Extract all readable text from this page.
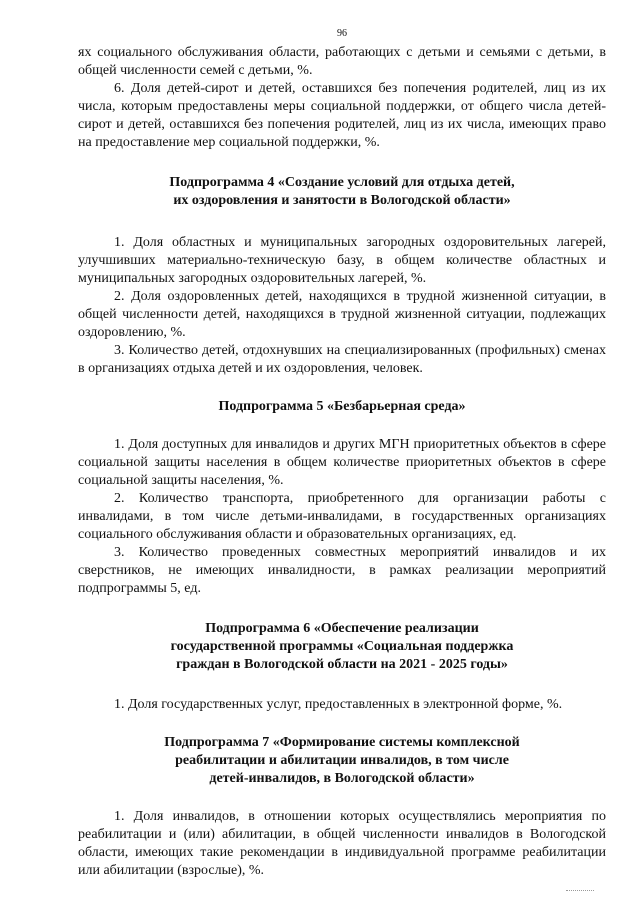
96

ях социального обслуживания области, работающих с детьми и семьями с детьми, в общей численности семей с детьми, %.

6. Доля детей-сирот и детей, оставшихся без попечения родителей, лиц из их числа, которым предоставлены меры социальной поддержки, от общего числа детей-сирот и детей, оставшихся без попечения родителей, лиц из их числа, имеющих право на предоставление мер социальной поддержки, %.

Подпрограмма 4 «Создание условий для отдыха детей,

их оздоровления и занятости в Вологодской области»

1. Доля областных и муниципальных загородных оздоровительных лагерей, улучшивших материально-техническую базу, в общем количестве областных и муниципальных загородных оздоровительных лагерей, %.

2. Доля оздоровленных детей, находящихся в трудной жизненной ситуации, в общей численности детей, находящихся в трудной жизненной ситуации, подлежащих оздоровлению, %.

3. Количество детей, отдохнувших на специализированных (профильных) сменах в организациях отдыха детей и их оздоровления, человек.

Подпрограмма 5 «Безбарьерная среда»

1. Доля доступных для инвалидов и других МГН приоритетных объектов в сфере социальной защиты населения в общем количестве приоритетных объектов в сфере социальной защиты населения, %.

2. Количество транспорта, приобретенного для организации работы с инвалидами, в том числе детьми-инвалидами, в государственных организациях социального обслуживания области и образовательных организациях, ед.

3. Количество проведенных совместных мероприятий инвалидов и их сверстников, не имеющих инвалидности, в рамках реализации мероприятий подпрограммы 5, ед.

Подпрограмма 6 «Обеспечение реализации

государственной программы «Социальная поддержка

граждан в Вологодской области на 2021 - 2025 годы»

1. Доля государственных услуг, предоставленных в электронной форме, %.

Подпрограмма 7 «Формирование системы комплексной

реабилитации и абилитации инвалидов, в том числе

детей-инвалидов, в Вологодской области»

1. Доля инвалидов, в отношении которых осуществлялись мероприятия по реабилитации и (или) абилитации, в общей численности инвалидов в Вологодской области, имеющих такие рекомендации в индивидуальной программе реабилитации или абилитации (взрослые), %.
